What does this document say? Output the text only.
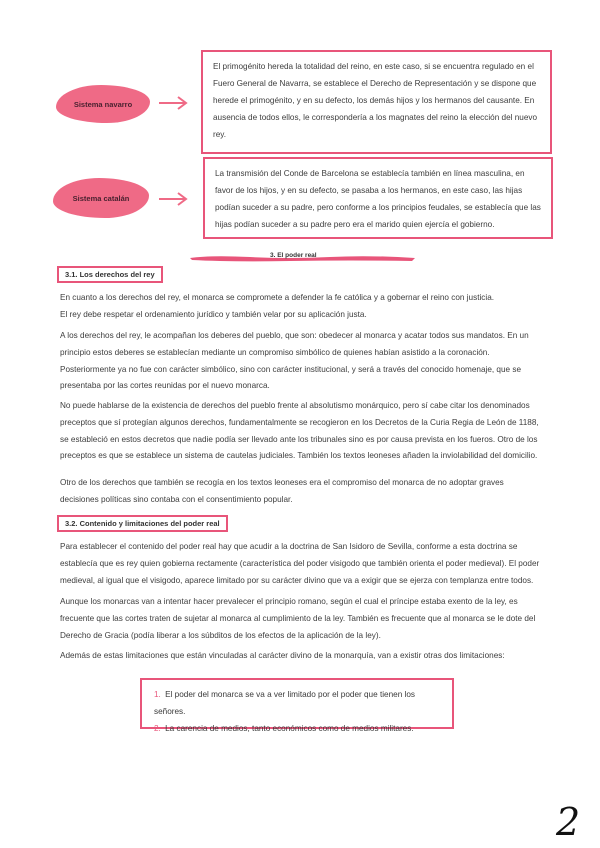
Sistema navarro
El primogénito hereda la totalidad del reino, en este caso, si se encuentra regulado en el Fuero General de Navarra, se establece el Derecho de Representación y se dispone que herede el primogénito, y en su defecto, los demás hijos y los hermanos del causante. En ausencia de todos ellos, le correspondería a los magnates del reino la elección del nuevo rey.
Sistema catalán
La transmisión del Conde de Barcelona se establecía también en línea masculina, en favor de los hijos, y en su defecto, se pasaba a los hermanos, en este caso, las hijas podían suceder a su padre, pero conforme a los principios feudales, se establecía que las hijas podían suceder a su padre pero era el marido quien ejercía el gobierno.
3. El poder real
3.1. Los derechos del rey

En cuanto a los derechos del rey, el monarca se compromete a defender la fe católica y a gobernar el reino con justicia.

El rey debe respetar el ordenamiento jurídico y también velar por su aplicación justa.

A los derechos del rey, le acompañan los deberes del pueblo, que son: obedecer al monarca y acatar todos sus mandatos. En un principio estos deberes se establecían mediante un compromiso simbólico de quienes habían asistido a la coronación. Posteriormente ya no fue con carácter simbólico, sino con carácter institucional, y será a través del conocido homenaje, que se presentaba por las cortes reunidas por el nuevo monarca.

No puede hablarse de la existencia de derechos del pueblo frente al absolutismo monárquico, pero sí cabe citar los denominados preceptos que sí protegían algunos derechos, fundamentalmente se recogieron en los Decretos de la Curia Regia de León de 1188, se estableció en estos decretos que nadie podía ser llevado ante los tribunales sino es por causa prevista en los fueros. Otro de los preceptos es que se establece un sistema de cautelas judiciales. También los textos leoneses añaden la inviolabilidad del domicilio.

Otro de los derechos que también se recogía en los textos leoneses era el compromiso del monarca de no adoptar graves decisiones políticas sino contaba con el consentimiento popular.

3.2. Contenido y limitaciones del poder real

Para establecer el contenido del poder real hay que acudir a la doctrina de San Isidoro de Sevilla, conforme a esta doctrina se establecía que es rey quien gobierna rectamente (característica del poder visigodo que también orienta el poder medieval). El poder medieval, al igual que el visigodo, aparece limitado por su carácter divino que va a exigir que se ejerza con templanza entre todos.

Aunque los monarcas van a intentar hacer prevalecer el principio romano, según el cual el príncipe estaba exento de la ley, es frecuente que las cortes traten de sujetar al monarca al cumplimiento de la ley. También es frecuente que al monarca se le dote del Derecho de Gracia (podía liberar a los súbditos de los efectos de la aplicación de la ley).

Además de estas limitaciones que están vinculadas al carácter divino de la monarquía, van a existir otras dos limitaciones:

1. El poder del monarca se va a ver limitado por el poder que tienen los señores.
2. La carencia de medios, tanto económicos como de medios militares.
2
